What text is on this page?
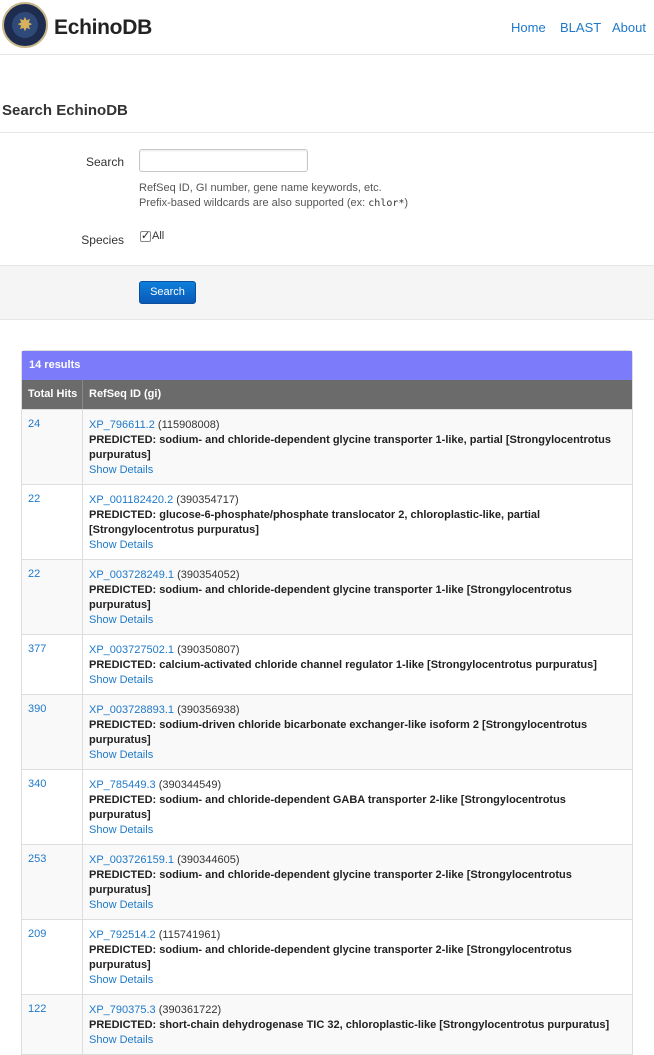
✸ EchinoDB	Home BLAST About
Search EchinoDB
Search
RefSeq ID, GI number, gene name keywords, etc.
Prefix-based wildcards are also supported (ex: chlor*)
Species
✓	All
Search
14 results
Total Hits RefSeq ID (gi)
24	XP_796611.2 (115908008)
PREDICTED: sodium- and chloride-dependent glycine transporter 1-like, partial [Strongylocentrotus purpuratus]
Show Details
22	XP_001182420.2 (390354717)
PREDICTED: glucose-6-phosphate/phosphate translocator 2, chloroplastic-like, partial [Strongylocentrotus purpuratus]
Show Details
22	XP_003728249.1 (390354052)
PREDICTED: sodium- and chloride-dependent glycine transporter 1-like [Strongylocentrotus purpuratus]
Show Details
377	XP_003727502.1 (390350807)
PREDICTED: calcium-activated chloride channel regulator 1-like [Strongylocentrotus purpuratus]
Show Details
390	XP_003728893.1 (390356938)
PREDICTED: sodium-driven chloride bicarbonate exchanger-like isoform 2 [Strongylocentrotus purpuratus]
Show Details
340	XP_785449.3 (390344549)
PREDICTED: sodium- and chloride-dependent GABA transporter 2-like [Strongylocentrotus purpuratus]
Show Details
253	XP_003726159.1 (390344605)
PREDICTED: sodium- and chloride-dependent glycine transporter 2-like [Strongylocentrotus purpuratus]
Show Details
209	XP_792514.2 (115741961)
PREDICTED: sodium- and chloride-dependent glycine transporter 2-like [Strongylocentrotus purpuratus]
Show Details
122	XP_790375.3 (390361722)
PREDICTED: short-chain dehydrogenase TIC 32, chloroplastic-like [Strongylocentrotus purpuratus]
Show Details
